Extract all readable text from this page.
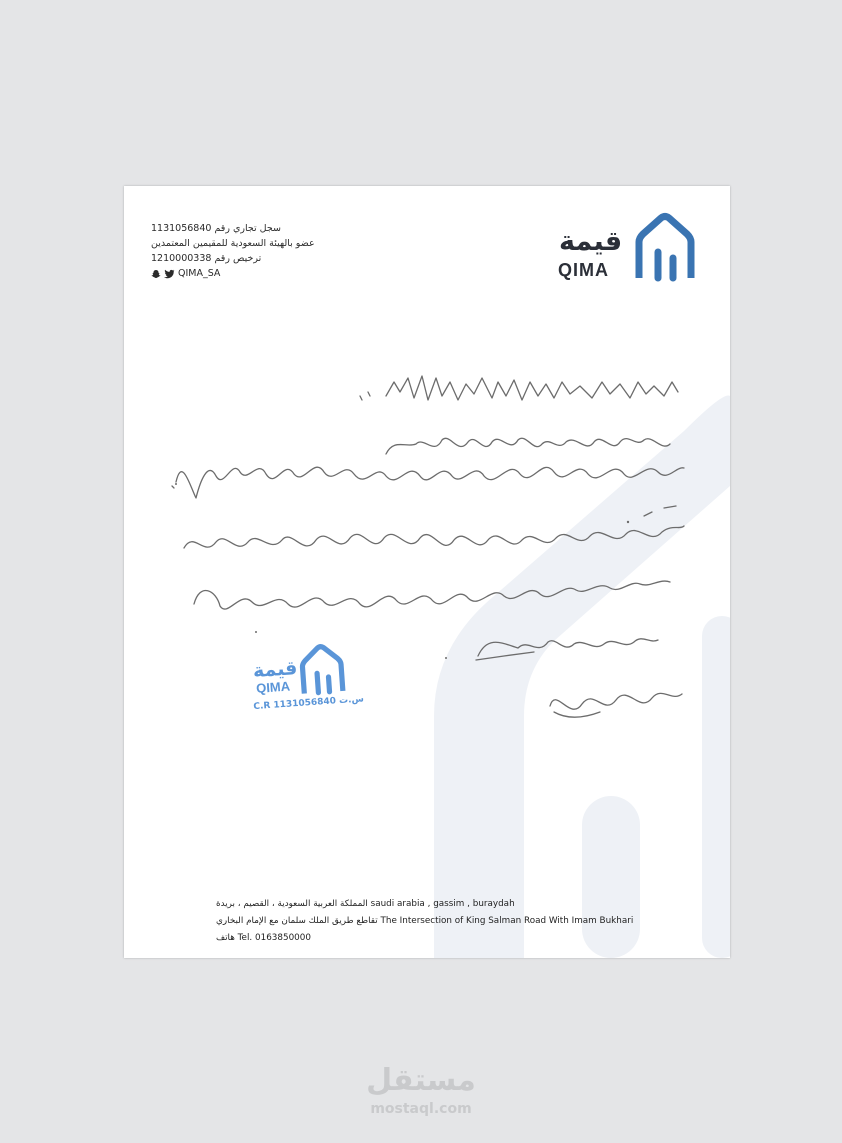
سجل تجاري رقم 1131056840
عضو بالهيئة السعودية للمقيمين المعتمدين
ترخيص رقم 1210000338
QIMA_SA
قيمة
QIMA
قيمة
QIMA
C.R 1131056840 س.ت
المملكة العربية السعودية ، القصيم ، بريدة saudi arabia , gassim , buraydah
تقاطع طريق الملك سلمان مع الإمام البخاري The Intersection of King Salman Road With Imam Bukhari
هاتف Tel. 0163850000
مستقل
mostaql.com
